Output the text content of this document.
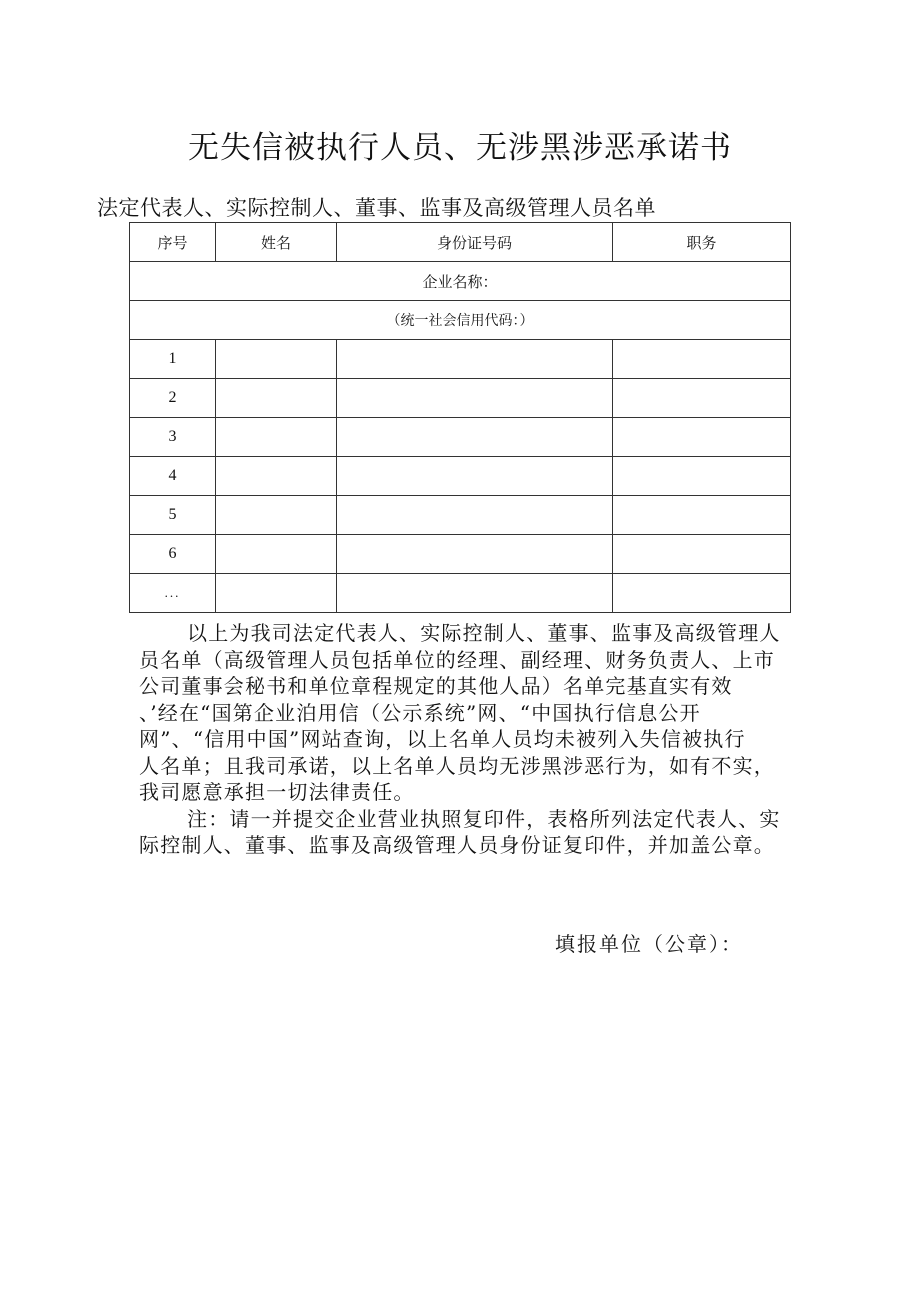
无失信被执行人员、无涉黑涉恶承诺书
法定代表人、实际控制人、董事、监事及高级管理人员名单
序号	姓名	身份证号码	职务
企业名称：			
（统一社会信用代码：）			
1			
2			
3			
4			
5			
6			
...			

以上为我司法定代表人、实际控制人、董事、监事及高级管理人

员名单（高级管理人员包括单位的经理、副经理、财务负责人、上市

公司董事会秘书和单位章程规定的其他人品）名单完基直实有效

、’经在“国第企业泊用信（公示系统”网、“中国执行信息公开

网”、“信用中国”网站查询，以上名单人员均未被列入失信被执行

人名单；且我司承诺，以上名单人员均无涉黑涉恶行为，如有不实，

我司愿意承担一切法律责任。

注：请一并提交企业营业执照复印件，表格所列法定代表人、实

际控制人、董事、监事及高级管理人员身份证复印件，并加盖公章。

填报单位（公章）：
